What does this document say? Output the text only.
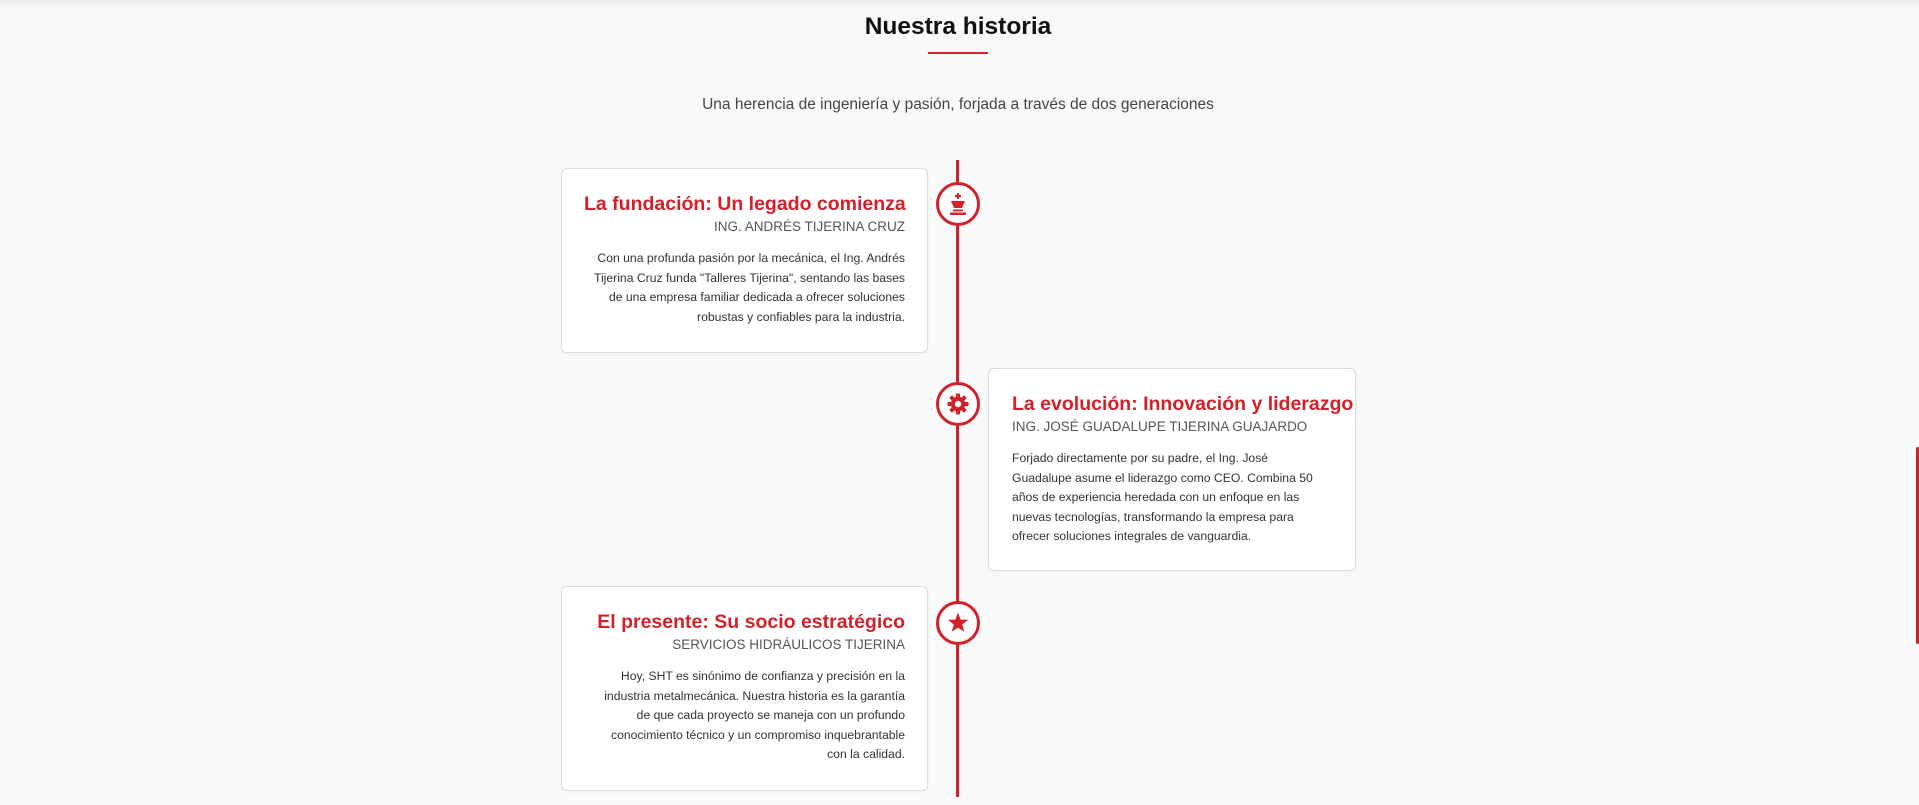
Nuestra historia

Una herencia de ingeniería y pasión, forjada a través de dos generaciones

La fundación: Un legado comienza
ING. ANDRÉS TIJERINA CRUZ

Con una profunda pasión por la mecánica, el Ing. Andrés Tijerina Cruz funda "Talleres Tijerina", sentando las bases de una empresa familiar dedicada a ofrecer soluciones robustas y confiables para la industria.

La evolución: Innovación y liderazgo
ING. JOSÉ GUADALUPE TIJERINA GUAJARDO

Forjado directamente por su padre, el Ing. José Guadalupe asume el liderazgo como CEO. Combina 50 años de experiencia heredada con un enfoque en las nuevas tecnologías, transformando la empresa para ofrecer soluciones integrales de vanguardia.

El presente: Su socio estratégico
SERVICIOS HIDRÁULICOS TIJERINA

Hoy, SHT es sinónimo de confianza y precisión en la industria metalmecánica. Nuestra historia es la garantía de que cada proyecto se maneja con un profundo conocimiento técnico y un compromiso inquebrantable con la calidad.
